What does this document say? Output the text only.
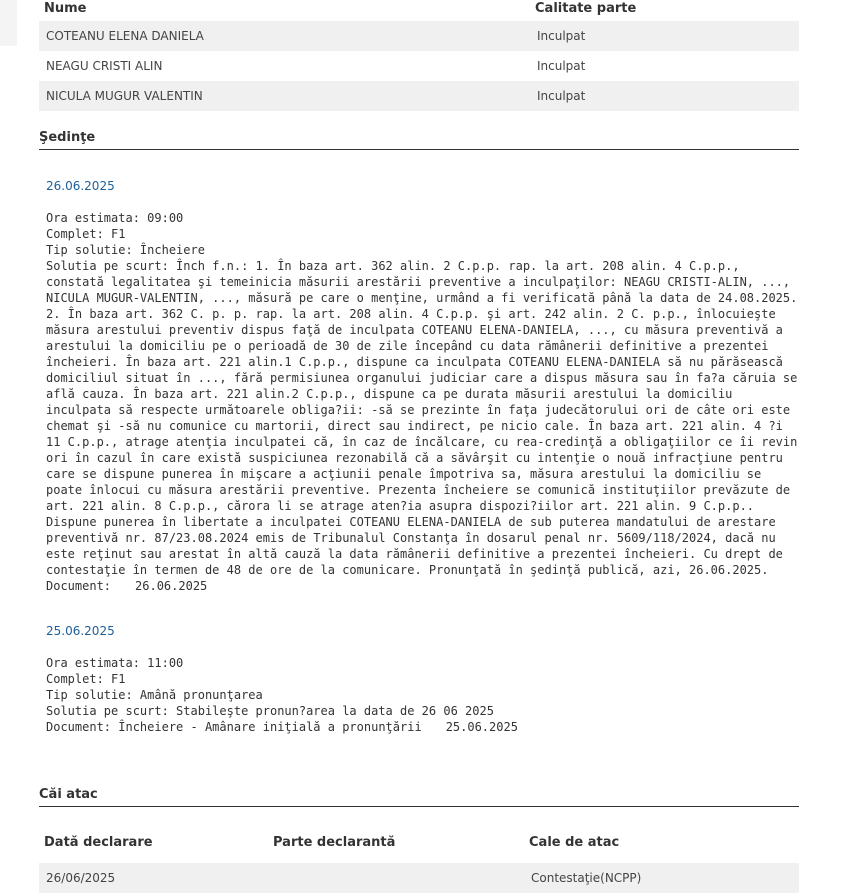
Nume	Calitate parte
COTEANU ELENA DANIELA	Inculpat
NEAGU CRISTI ALIN	Inculpat
NICULA MUGUR VALENTIN	Inculpat
Şedinţe
26.06.2025
Ora estimata: 09:00
Complet: F1
Tip solutie: Încheiere
Solutia pe scurt: Înch f.n.: 1. În baza art. 362 alin. 2 C.p.p. rap. la art. 208 alin. 4 C.p.p., constată legalitatea şi temeinicia măsurii arestării preventive a inculpaţilor: NEAGU CRISTI-ALIN, ..., NICULA MUGUR-VALENTIN, ..., măsură pe care o menţine, urmând a fi verificată până la data de 24.08.2025. 2. În baza art. 362 C. p. p. rap. la art. 208 alin. 4 C.p.p. şi art. 242 alin. 2 C. p.p., înlocuieşte măsura arestului preventiv dispus faţă de inculpata COTEANU ELENA-DANIELA, ..., cu măsura preventivă a arestului la domiciliu pe o perioadă de 30 de zile începând cu data rămânerii definitive a prezentei încheieri. În baza art. 221 alin.1 C.p.p., dispune ca inculpata COTEANU ELENA-DANIELA să nu părăsească domiciliul situat în ..., fără permisiunea organului judiciar care a dispus măsura sau în fa?a căruia se află cauza. În baza art. 221 alin.2 C.p.p., dispune ca pe durata măsurii arestului la domiciliu inculpata să respecte următoarele obliga?ii: -să se prezinte în faţa judecătorului ori de câte ori este chemat şi -să nu comunice cu martorii, direct sau indirect, pe nicio cale. În baza art. 221 alin. 4 ?i 11 C.p.p., atrage atenţia inculpatei că, în caz de încălcare, cu rea-credinţă a obligaţiilor ce îi revin ori în cazul în care există suspiciunea rezonabilă că a săvârşit cu intenţie o nouă infracţiune pentru care se dispune punerea în mişcare a acţiunii penale împotriva sa, măsura arestului la domiciliu se poate înlocui cu măsura arestării preventive. Prezenta încheiere se comunică instituţiilor prevăzute de art. 221 alin. 8 C.p.p., cărora li se atrage aten?ia asupra dispozi?iilor art. 221 alin. 9 C.p.p.. Dispune punerea în libertate a inculpatei COTEANU ELENA-DANIELA de sub puterea mandatului de arestare preventivă nr. 87/23.08.2024 emis de Tribunalul Constanţa în dosarul penal nr. 5609/118/2024, dacă nu este reţinut sau arestat în altă cauză la data rămânerii definitive a prezentei încheieri. Cu drept de contestaţie în termen de 48 de ore de la comunicare. Pronunţată în şedinţă publică, azi, 26.06.2025.
Document: 26.06.2025
25.06.2025
Ora estimata: 11:00
Complet: F1
Tip solutie: Amână pronunţarea
Solutia pe scurt: Stabileşte pronun?area la data de 26 06 2025
Document: Încheiere - Amânare iniţială a pronunţării 25.06.2025
Căi atac
Dată declarare	Parte declarantă	Cale de atac
26/06/2025		Contestaţie(NCPP)
